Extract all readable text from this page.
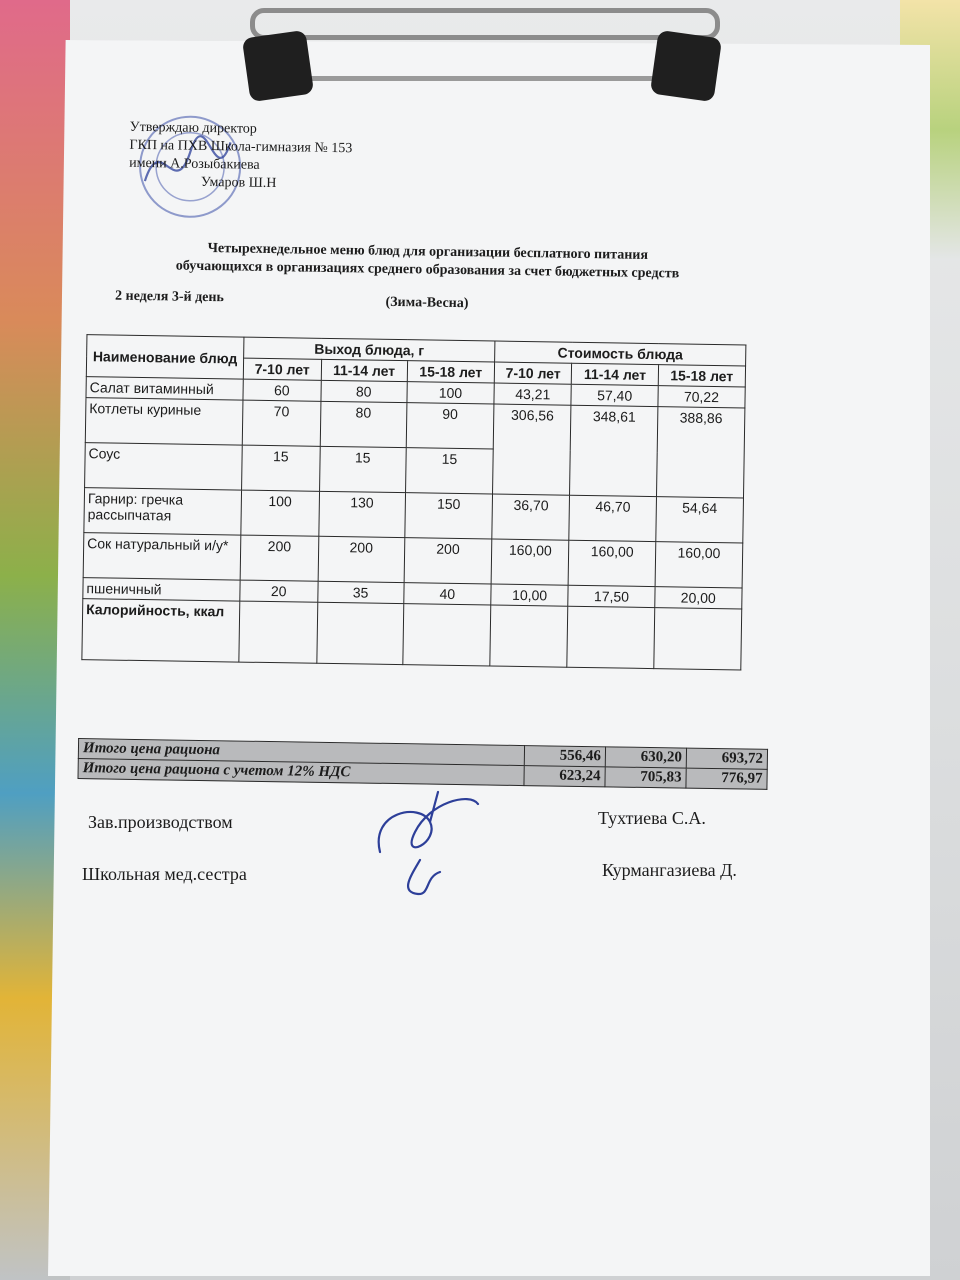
Утверждаю директор
ГКП на ПХВ Школа-гимназия № 153
имени А.Розыбакиева
Умаров Ш.Н
Четырехнедельное меню блюд для организации бесплатного питания
обучающихся в организациях среднего образования за счет бюджетных средств
(Зима-Весна)
2 неделя 3-й день
Наименование блюд	Выход блюда, г			Стоимость блюда		
	7-10 лет	11-14 лет	15-18 лет	7-10 лет	11-14 лет	15-18 лет
Салат витаминный	60	80	100	43,21	57,40	70,22
Котлеты куриные	70	80	90	306,56	348,61	388,86
Соус	15	15	15			
Гарнир: гречка рассыпчатая	100	130	150	36,70	46,70	54,64
Сок натуральный и/у*	200	200	200	160,00	160,00	160,00
пшеничный	20	35	40	10,00	17,50	20,00
Калорийность, ккал						
Итого цена рациона	556,46	630,20	693,72
Итого цена рациона с учетом 12% НДС	623,24	705,83	776,97
Зав.производством	Тухтиева С.А.
Школьная мед.сестра	Курмангазиева Д.
